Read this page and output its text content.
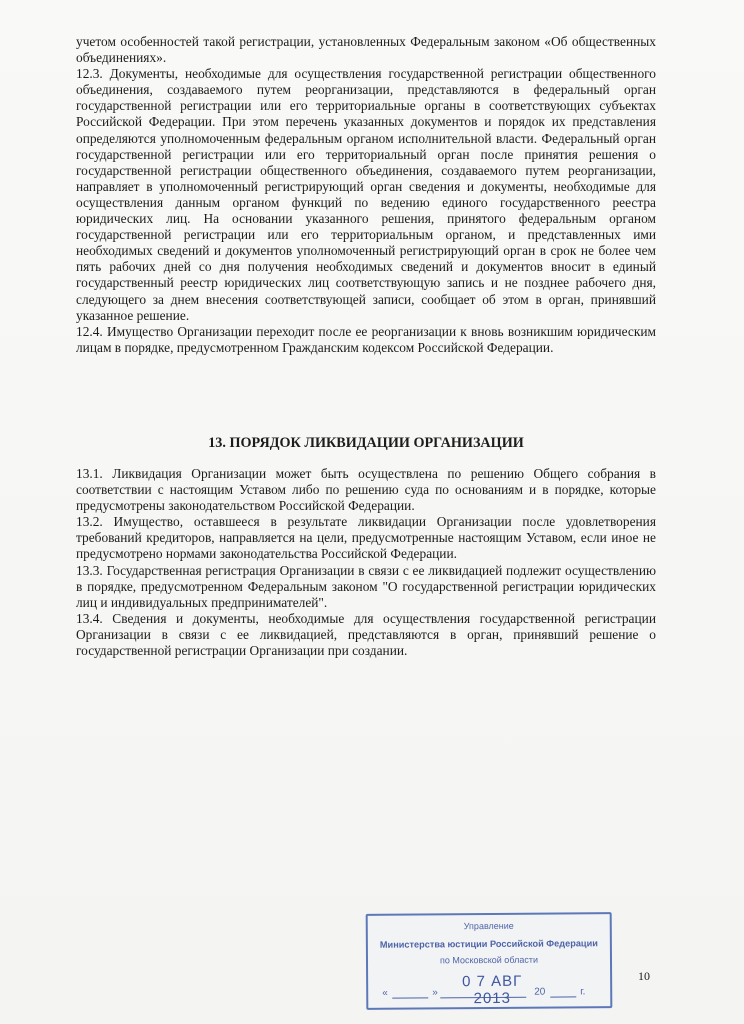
учетом особенностей такой регистрации, установленных Федеральным законом «Об общественных объединениях».

12.3. Документы, необходимые для осуществления государственной регистрации общественного объединения, создаваемого путем реорганизации, представляются в федеральный орган государственной регистрации или его территориальные органы в соответствующих субъектах Российской Федерации. При этом перечень указанных документов и порядок их представления определяются уполномоченным федеральным органом исполнительной власти. Федеральный орган государственной регистрации или его территориальный орган после принятия решения о государственной регистрации общественного объединения, создаваемого путем реорганизации, направляет в уполномоченный регистрирующий орган сведения и документы, необходимые для осуществления данным органом функций по ведению единого государственного реестра юридических лиц. На основании указанного решения, принятого федеральным органом государственной регистрации или его территориальным органом, и представленных ими необходимых сведений и документов уполномоченный регистрирующий орган в срок не более чем пять рабочих дней со дня получения необходимых сведений и документов вносит в единый государственный реестр юридических лиц соответствующую запись и не позднее рабочего дня, следующего за днем внесения соответствующей записи, сообщает об этом в орган, принявший указанное решение.

12.4. Имущество Организации переходит после ее реорганизации к вновь возникшим юридическим лицам в порядке, предусмотренном Гражданским кодексом Российской Федерации.

13. ПОРЯДОК ЛИКВИДАЦИИ ОРГАНИЗАЦИИ

13.1. Ликвидация Организации может быть осуществлена по решению Общего собрания в соответствии с настоящим Уставом либо по решению суда по основаниям и в порядке, которые предусмотрены законодательством Российской Федерации.

13.2. Имущество, оставшееся в результате ликвидации Организации после удовлетворения требований кредиторов, направляется на цели, предусмотренные настоящим Уставом, если иное не предусмотрено нормами законодательства Российской Федерации.

13.3. Государственная регистрация Организации в связи с ее ликвидацией подлежит осуществлению в порядке, предусмотренном Федеральным законом "О государственной регистрации юридических лиц и индивидуальных предпринимателей".

13.4. Сведения и документы, необходимые для осуществления государственной регистрации Организации в связи с ее ликвидацией, представляются в орган, принявший решение о государственной регистрации Организации при создании.

Управление
Министерства юстиции Российской Федерации
по Московской области
«	»
0 7 АВГ 2013	20	г.
10
